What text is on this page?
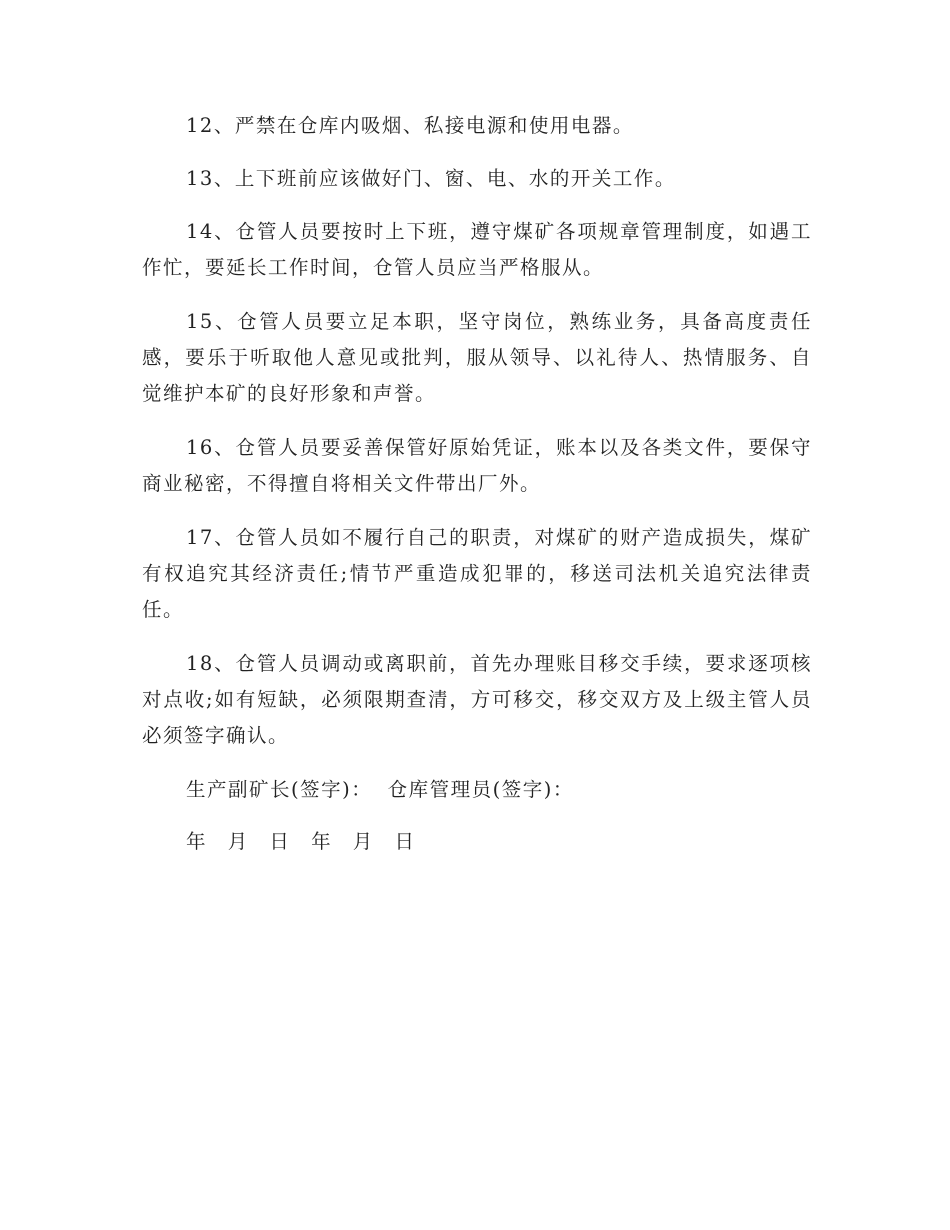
12、严禁在仓库内吸烟、私接电源和使用电器。

13、上下班前应该做好门、窗、电、水的开关工作。

14、仓管人员要按时上下班，遵守煤矿各项规章管理制度，如遇工作忙，要延长工作时间，仓管人员应当严格服从。

15、仓管人员要立足本职，坚守岗位，熟练业务，具备高度责任感，要乐于听取他人意见或批判，服从领导、以礼待人、热情服务、自觉维护本矿的良好形象和声誉。

16、仓管人员要妥善保管好原始凭证，账本以及各类文件，要保守商业秘密，不得擅自将相关文件带出厂外。

17、仓管人员如不履行自己的职责，对煤矿的财产造成损失，煤矿有权追究其经济责任;情节严重造成犯罪的，移送司法机关追究法律责任。

18、仓管人员调动或离职前，首先办理账目移交手续，要求逐项核对点收;如有短缺，必须限期查清，方可移交，移交双方及上级主管人员必须签字确认。

生产副矿长(签字)：  仓库管理员(签字)：
年 月 日 年 月 日
